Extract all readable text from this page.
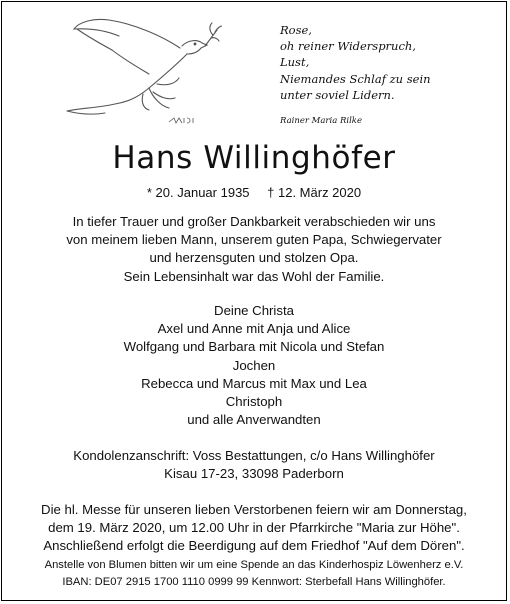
Rose,
oh reiner Widerspruch,
Lust,
Niemandes Schlaf zu sein
unter soviel Lidern.
Rainer Maria Rilke
Hans Willinghöfer
* 20. Januar 1935 † 12. März 2020
In tiefer Trauer und großer Dankbarkeit verabschieden wir uns
von meinem lieben Mann, unserem guten Papa, Schwiegervater
und herzensguten und stolzen Opa.
Sein Lebensinhalt war das Wohl der Familie.
Deine Christa
Axel und Anne mit Anja und Alice
Wolfgang und Barbara mit Nicola und Stefan
Jochen
Rebecca und Marcus mit Max und Lea
Christoph
und alle Anverwandten
Kondolenzanschrift: Voss Bestattungen, c/o Hans Willinghöfer
Kisau 17-23, 33098 Paderborn
Die hl. Messe für unseren lieben Verstorbenen feiern wir am Donnerstag,
dem 19. März 2020, um 12.00 Uhr in der Pfarrkirche "Maria zur Höhe".
Anschließend erfolgt die Beerdigung auf dem Friedhof "Auf dem Dören".
Anstelle von Blumen bitten wir um eine Spende an das Kinderhospiz Löwenherz e.V.
IBAN: DE07 2915 1700 1110 0999 99 Kennwort: Sterbefall Hans Willinghöfer.
